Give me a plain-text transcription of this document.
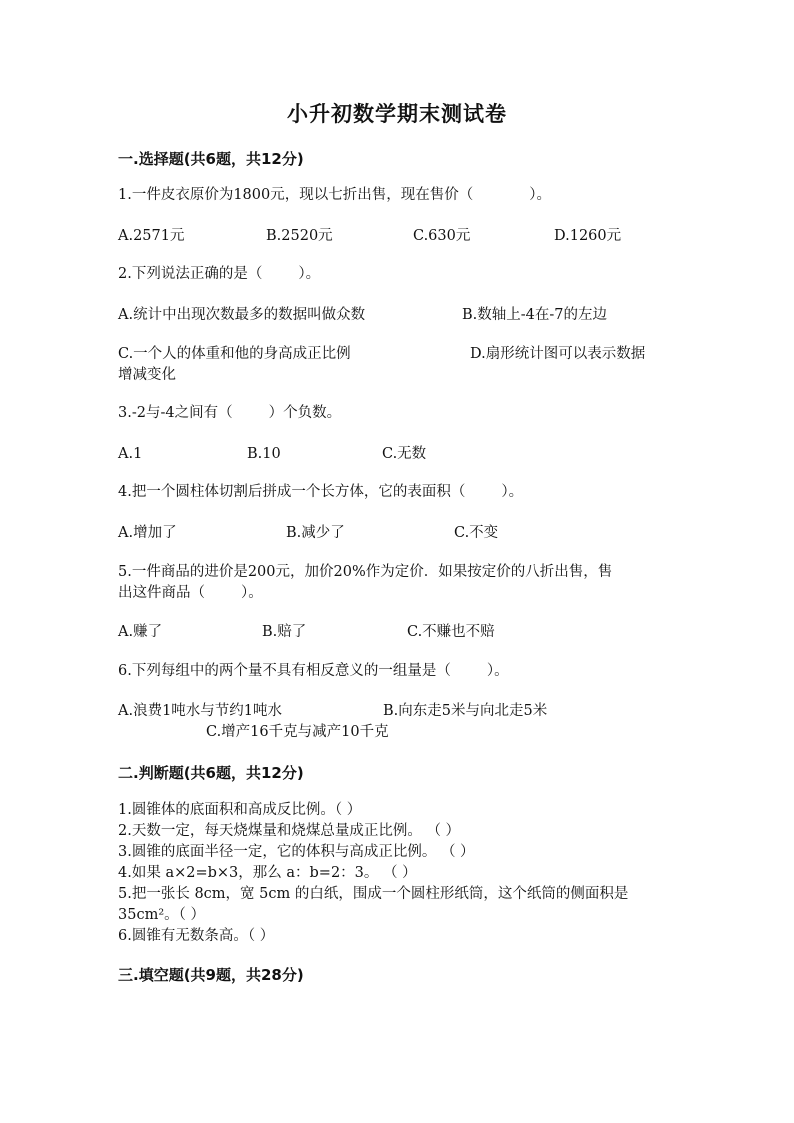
小升初数学期末测试卷
一.选择题(共6题，共12分)
1.一件皮衣原价为1800元，现以七折出售，现在售价（	）。
A.2571元	B.2520元	C.630元	D.1260元
2.下列说法正确的是（ ）。
A.统计中出现次数最多的数据叫做众数	B.数轴上-4在-7的左边
C.一个人的体重和他的身高成正比例	D.扇形统计图可以表示数据
增减变化
3.-2与-4之间有（ ）个负数。
A.1	B.10	C.无数
4.把一个圆柱体切割后拼成一个长方体，它的表面积（ ）。
A.增加了	B.减少了	C.不变
5.一件商品的进价是200元，加价20%作为定价．如果按定价的八折出售，售
出这件商品（ ）。
A.赚了	B.赔了	C.不赚也不赔
6.下列每组中的两个量不具有相反意义的一组量是（ ）。
A.浪费1吨水与节约1吨水	B.向东走5米与向北走5米
C.增产16千克与减产10千克
二.判断题(共6题，共12分)
1.圆锥体的底面积和高成反比例。（ ）
2.天数一定，每天烧煤量和烧煤总量成正比例。 （ ）
3.圆锥的底面半径一定，它的体积与高成正比例。 （ ）
4.如果 a×2=b×3，那么 a：b=2：3。 （ ）
5.把一张长 8cm，宽 5cm 的白纸，围成一个圆柱形纸筒，这个纸筒的侧面积是
35cm²。（ ）
6.圆锥有无数条高。（ ）
三.填空题(共9题，共28分)
